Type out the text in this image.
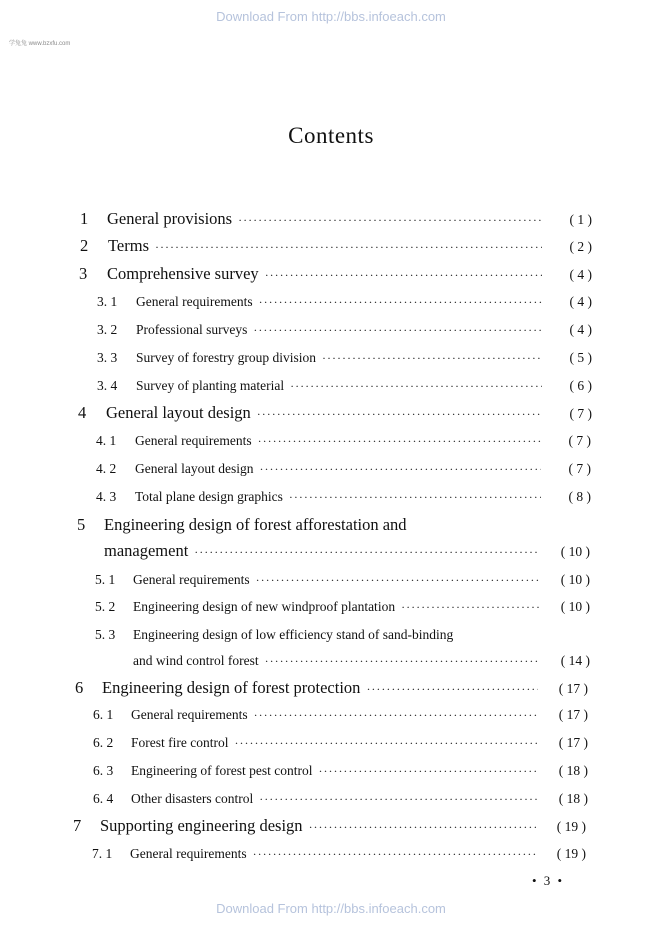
Download From http://bbs.infoeach.com
学兔兔 www.bzxfu.com
Contents
1	General provisions ·····	( 1 )
2	Terms ·····	( 2 )
3	Comprehensive survey ·····	( 4 )
3. 1	General requirements ·····	( 4 )
3. 2	Professional surveys ·····	( 4 )
3. 3	Survey of forestry group division ·····	( 5 )
3. 4	Survey of planting material ·····	( 6 )
4	General layout design ·····	( 7 )
4. 1	General requirements ·····	( 7 )
4. 2	General layout design ·····	( 7 )
4. 3	Total plane design graphics ·····	( 8 )
5 Engineering design of forest afforestation and
management ·····	( 10 )
5. 1	General requirements ·····	( 10 )
5. 2	Engineering design of new windproof plantation ·····	( 10 )
5. 3 Engineering design of low efficiency stand of sand-binding
and wind control forest ·····	( 14 )
6	Engineering design of forest protection ·····	( 17 )
6. 1	General requirements ·····	( 17 )
6. 2	Forest fire control ·····	( 17 )
6. 3	Engineering of forest pest control ·····	( 18 )
6. 4	Other disasters control ·····	( 18 )
7	Supporting engineering design ·····	( 19 )
7. 1	General requirements ·····	( 19 )
• 3 •
Download From http://bbs.infoeach.com
